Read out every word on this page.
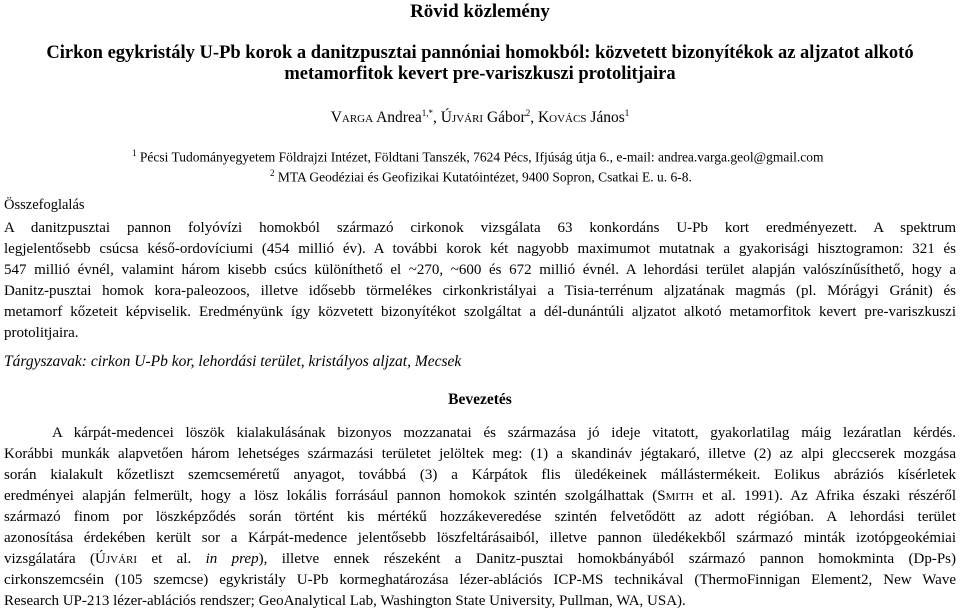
Rövid közlemény
Cirkon egykristály U-Pb korok a danitzpusztai pannóniai homokból: közvetett bizonyítékok az aljzatot alkotó
metamorfitok kevert pre-variszkuszi protolitjaira
Varga Andrea$^{1,*}$, Újvári Gábor$^2$, Kovács János$^1$
$^1$ Pécsi Tudományegyetem Földrajzi Intézet, Földtani Tanszék, 7624 Pécs, Ifjúság útja 6., e-mail: andrea.varga.geol@gmail.com
$^2$ MTA Geodéziai és Geofizikai Kutatóintézet, 9400 Sopron, Csatkai E. u. 6-8.
Összefoglalás
A danitzpusztai pannon folyóvízi homokból származó cirkonok vizsgálata 63 konkordáns U-Pb kort eredményezett. A spektrum
legjelentősebb csúcsa késő-ordovíciumi (454 millió év). A további korok két nagyobb maximumot mutatnak a gyakorisági hisztogramon: 321 és
547 millió évnél, valamint három kisebb csúcs különíthető el ~270, ~600 és 672 millió évnél. A lehordási terület alapján valószínűsíthető, hogy a
Danitz-pusztai homok kora-paleozoos, illetve idősebb törmelékes cirkonkristályai a Tisia-terrénum aljzatának magmás (pl. Mórágyi Gránit) és
metamorf kőzeteit képviselik. Eredményünk így közvetett bizonyítékot szolgáltat a dél-dunántúli aljzatot alkotó metamorfitok kevert pre-variszkuszi
protolitjaira.
Tárgyszavak: cirkon U-Pb kor, lehordási terület, kristályos aljzat, Mecsek
Bevezetés
A kárpát-medencei löszök kialakulásának bizonyos mozzanatai és származása jó ideje vitatott, gyakorlatilag máig lezáratlan kérdés.
Korábbi munkák alapvetően három lehetséges származási területet jelöltek meg: (1) a skandináv jégtakaró, illetve (2) az alpi gleccserek mozgása
során kialakult kőzetliszt szemcseméretű anyagot, továbbá (3) a Kárpátok flis üledékeinek mállástermékeit. Eolikus abráziós kísérletek
eredményei alapján felmerült, hogy a lösz lokális forrásául pannon homokok szintén szolgálhattak (Smith et al. 1991). Az Afrika északi részéről
származó finom por löszképződés során történt kis mértékű hozzákeveredése szintén felvetődött az adott régióban. A lehordási terület
azonosítása érdekében került sor a Kárpát-medence jelentősebb löszfeltárásaiból, illetve pannon üledékekből származó minták izotópgeokémiai
vizsgálatára (Újvári et al. in prep), illetve ennek részeként a Danitz-pusztai homokbányából származó pannon homokminta (Dp-Ps)
cirkonszemcséin (105 szemcse) egykristály U-Pb kormeghatározása lézer-ablációs ICP-MS technikával (ThermoFinnigan Element2, New Wave
Research UP-213 lézer-ablációs rendszer; GeoAnalytical Lab, Washington State University, Pullman, WA, USA).
